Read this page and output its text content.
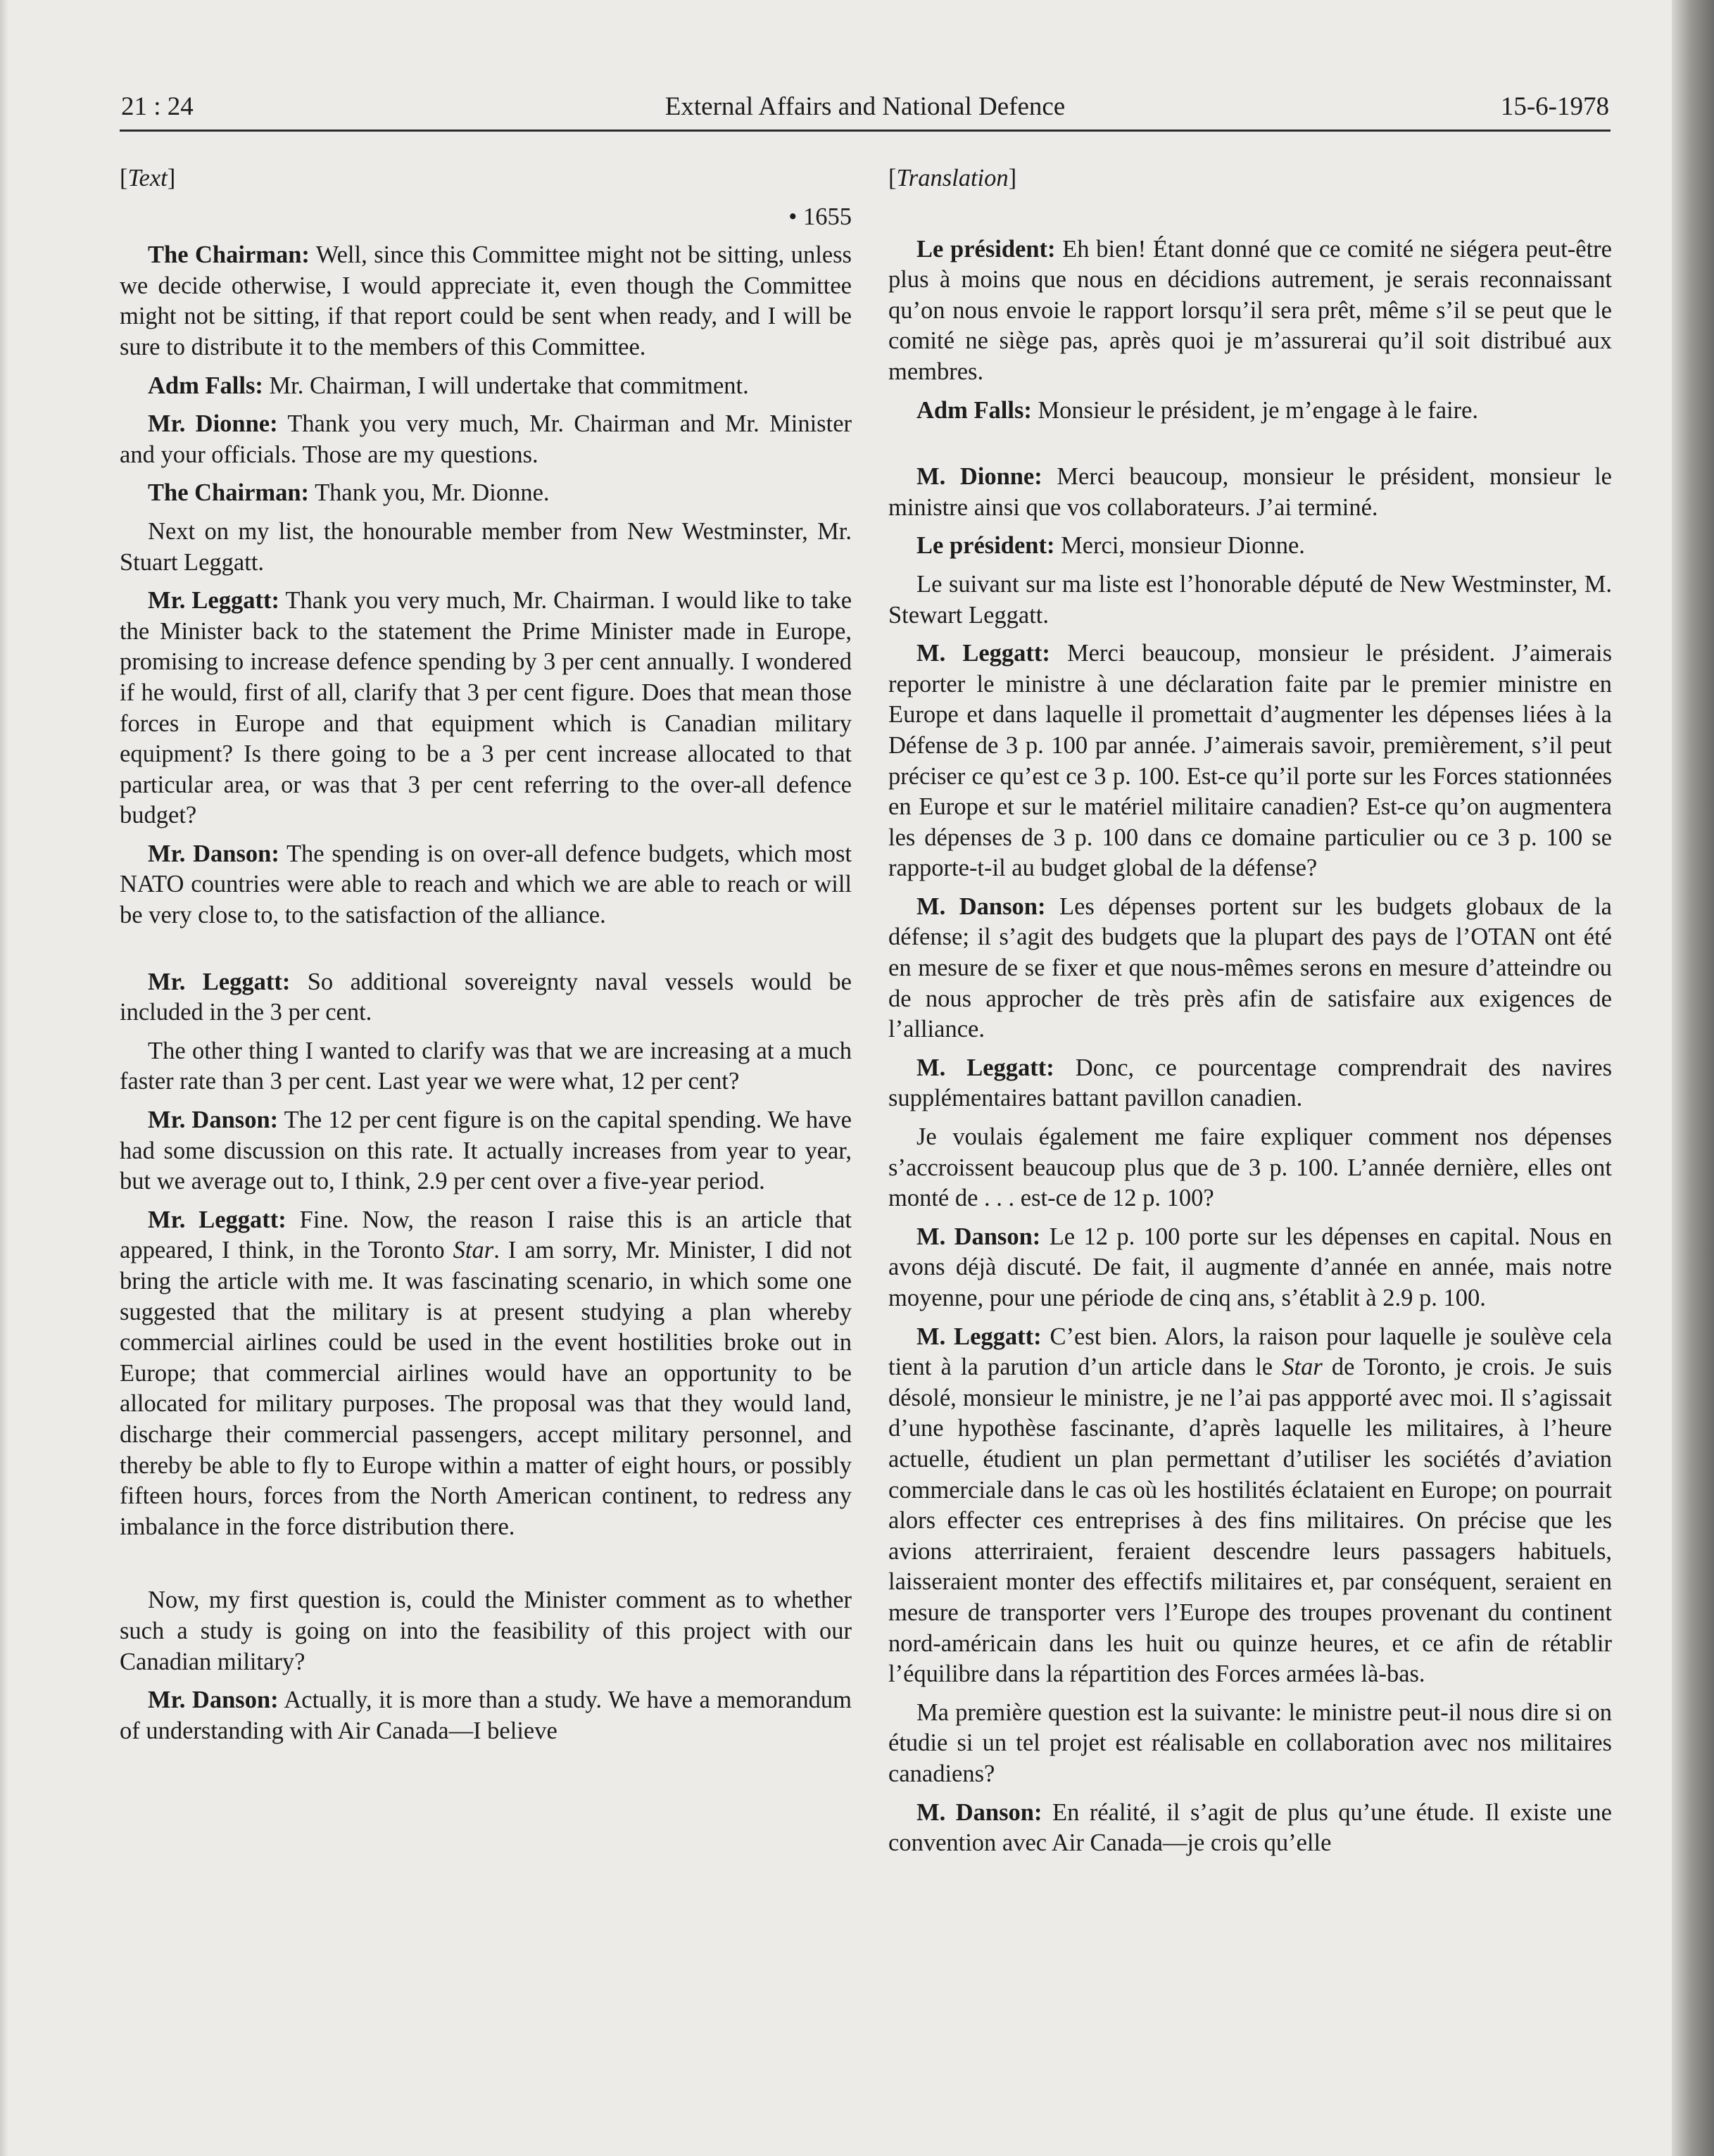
21 : 24	External Affairs and National Defence	15-6-1978

[Text]

• 1655

The Chairman: Well, since this Committee might not be sitting, unless we decide otherwise, I would appreciate it, even though the Committee might not be sitting, if that report could be sent when ready, and I will be sure to distribute it to the members of this Committee.

Adm Falls: Mr. Chairman, I will undertake that commitment.

Mr. Dionne: Thank you very much, Mr. Chairman and Mr. Minister and your officials. Those are my questions.

The Chairman: Thank you, Mr. Dionne.

Next on my list, the honourable member from New Westminster, Mr. Stuart Leggatt.

Mr. Leggatt: Thank you very much, Mr. Chairman. I would like to take the Minister back to the statement the Prime Minister made in Europe, promising to increase defence spending by 3 per cent annually. I wondered if he would, first of all, clarify that 3 per cent figure. Does that mean those forces in Europe and that equipment which is Canadian military equipment? Is there going to be a 3 per cent increase allocated to that particular area, or was that 3 per cent referring to the over-all defence budget?

Mr. Danson: The spending is on over-all defence budgets, which most NATO countries were able to reach and which we are able to reach or will be very close to, to the satisfaction of the alliance.

Mr. Leggatt: So additional sovereignty naval vessels would be included in the 3 per cent.

The other thing I wanted to clarify was that we are increasing at a much faster rate than 3 per cent. Last year we were what, 12 per cent?

Mr. Danson: The 12 per cent figure is on the capital spending. We have had some discussion on this rate. It actually increases from year to year, but we average out to, I think, 2.9 per cent over a five-year period.

Mr. Leggatt: Fine. Now, the reason I raise this is an article that appeared, I think, in the Toronto Star. I am sorry, Mr. Minister, I did not bring the article with me. It was fascinating scenario, in which some one suggested that the military is at present studying a plan whereby commercial airlines could be used in the event hostilities broke out in Europe; that commercial airlines would have an opportunity to be allocated for military purposes. The proposal was that they would land, discharge their commercial passengers, accept military personnel, and thereby be able to fly to Europe within a matter of eight hours, or possibly fifteen hours, forces from the North American continent, to redress any imbalance in the force distribution there.

Now, my first question is, could the Minister comment as to whether such a study is going on into the feasibility of this project with our Canadian military?

Mr. Danson: Actually, it is more than a study. We have a memorandum of understanding with Air Canada—I believe

[Translation]

Le président: Eh bien! Étant donné que ce comité ne siégera peut-être plus à moins que nous en décidions autrement, je serais reconnaissant qu’on nous envoie le rapport lorsqu’il sera prêt, même s’il se peut que le comité ne siège pas, après quoi je m’assurerai qu’il soit distribué aux membres.

Adm Falls: Monsieur le président, je m’engage à le faire.

M. Dionne: Merci beaucoup, monsieur le président, monsieur le ministre ainsi que vos collaborateurs. J’ai terminé.

Le président: Merci, monsieur Dionne.

Le suivant sur ma liste est l’honorable député de New Westminster, M. Stewart Leggatt.

M. Leggatt: Merci beaucoup, monsieur le président. J’aimerais reporter le ministre à une déclaration faite par le premier ministre en Europe et dans laquelle il promettait d’augmenter les dépenses liées à la Défense de 3 p. 100 par année. J’aimerais savoir, premièrement, s’il peut préciser ce qu’est ce 3 p. 100. Est-ce qu’il porte sur les Forces stationnées en Europe et sur le matériel militaire canadien? Est-ce qu’on augmentera les dépenses de 3 p. 100 dans ce domaine particulier ou ce 3 p. 100 se rapporte-t-il au budget global de la défense?

M. Danson: Les dépenses portent sur les budgets globaux de la défense; il s’agit des budgets que la plupart des pays de l’OTAN ont été en mesure de se fixer et que nous-mêmes serons en mesure d’atteindre ou de nous approcher de très près afin de satisfaire aux exigences de l’alliance.

M. Leggatt: Donc, ce pourcentage comprendrait des navires supplémentaires battant pavillon canadien.

Je voulais également me faire expliquer comment nos dépenses s’accroissent beaucoup plus que de 3 p. 100. L’année dernière, elles ont monté de . . . est-ce de 12 p. 100?

M. Danson: Le 12 p. 100 porte sur les dépenses en capital. Nous en avons déjà discuté. De fait, il augmente d’année en année, mais notre moyenne, pour une période de cinq ans, s’établit à 2.9 p. 100.

M. Leggatt: C’est bien. Alors, la raison pour laquelle je soulève cela tient à la parution d’un article dans le Star de Toronto, je crois. Je suis désolé, monsieur le ministre, je ne l’ai pas appporté avec moi. Il s’agissait d’une hypothèse fascinante, d’après laquelle les militaires, à l’heure actuelle, étudient un plan permettant d’utiliser les sociétés d’aviation commerciale dans le cas où les hostilités éclataient en Europe; on pourrait alors effecter ces entreprises à des fins militaires. On précise que les avions atterriraient, feraient descendre leurs passagers habituels, laisseraient monter des effectifs militaires et, par conséquent, seraient en mesure de transporter vers l’Europe des troupes provenant du continent nord-américain dans les huit ou quinze heures, et ce afin de rétablir l’équilibre dans la répartition des Forces armées là-bas.

Ma première question est la suivante: le ministre peut-il nous dire si on étudie si un tel projet est réalisable en collaboration avec nos militaires canadiens?

M. Danson: En réalité, il s’agit de plus qu’une étude. Il existe une convention avec Air Canada—je crois qu’elle
